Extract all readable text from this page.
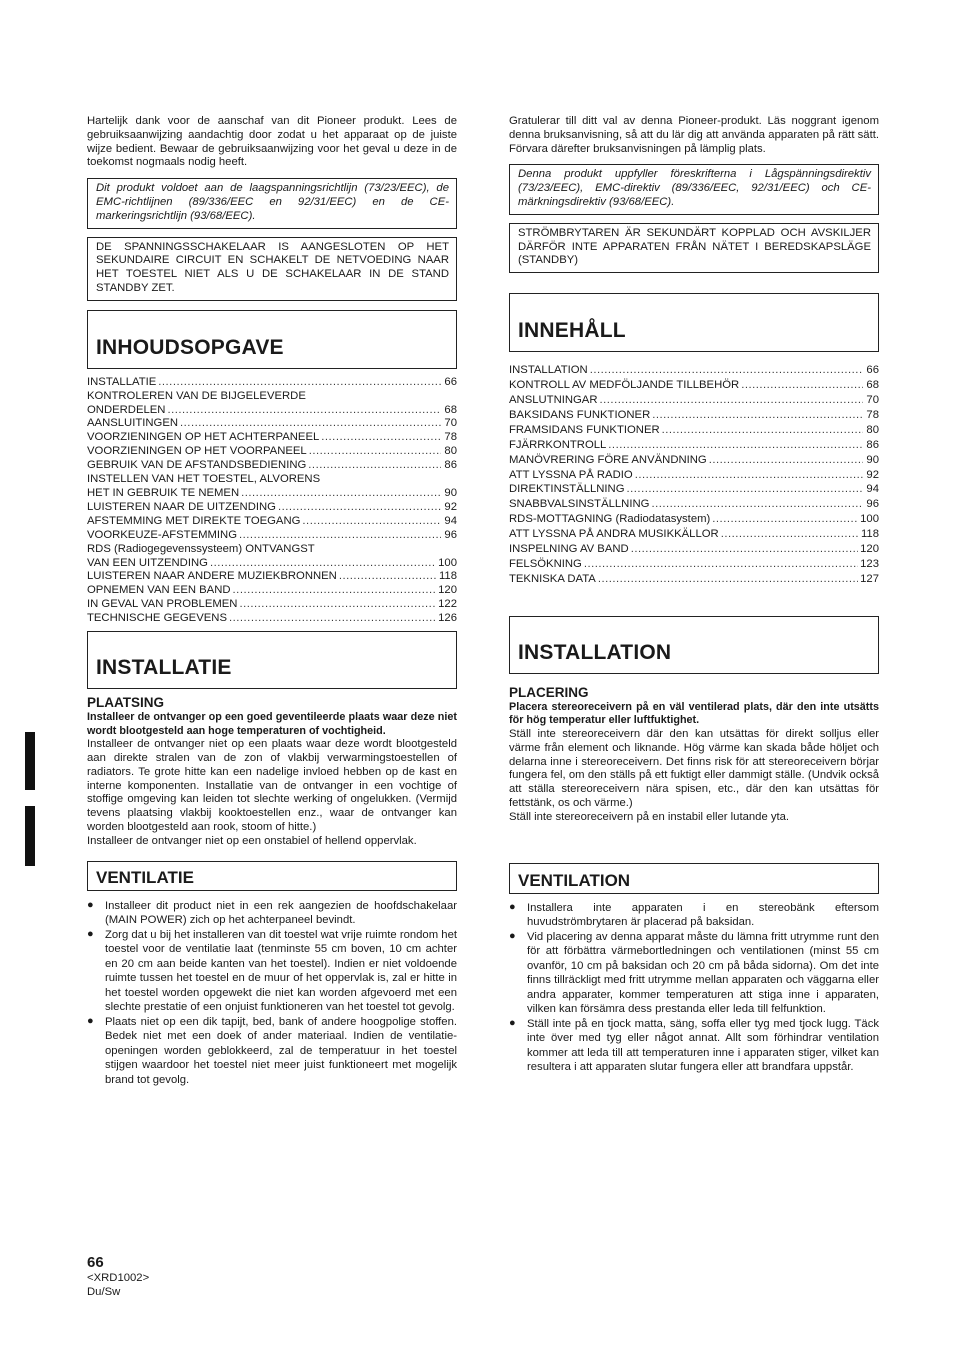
Hartelijk dank voor de aanschaf van dit Pioneer produkt. Lees de gebruiksaanwijzing aandachtig door zodat u het apparaat op de juiste wijze bedient. Bewaar de gebruiksaanwijzing voor het geval u deze in de toekomst nogmaals nodig heeft.

Dit produkt voldoet aan de laagspanningsrichtlijn (73/23/EEC), de EMC-richtlijnen (89/336/EEC en 92/31/EEC) en de CE-markeringsrichtlijn (93/68/EEC).

DE SPANNINGSSCHAKELAAR IS AANGESLOTEN OP HET SEKUNDAIRE CIRCUIT EN SCHAKELT DE NETVOEDING NAAR HET TOESTEL NIET ALS U DE SCHAKELAAR IN DE STAND STANDBY ZET.

INHOUDSOPGAVE
INSTALLATIE .....	66
KONTROLEREN VAN DE BIJGELEVERDE
ONDERDELEN .....	68
AANSLUITINGEN .....	70
VOORZIENINGEN OP HET ACHTERPANEEL .....	78
VOORZIENINGEN OP HET VOORPANEEL .....	80
GEBRUIK VAN DE AFSTANDSBEDIENING .....	86
INSTELLEN VAN HET TOESTEL, ALVORENS
HET IN GEBRUIK TE NEMEN .....	90
LUISTEREN NAAR DE UITZENDING .....	92
AFSTEMMING MET DIREKTE TOEGANG .....	94
VOORKEUZE-AFSTEMMING .....	96
RDS (Radiogegevenssysteem) ONTVANGST
VAN EEN UITZENDING .....	100
LUISTEREN NAAR ANDERE MUZIEKBRONNEN .....	118
OPNEMEN VAN EEN BAND .....	120
IN GEVAL VAN PROBLEMEN .....	122
TECHNISCHE GEGEVENS .....	126
INSTALLATIE
PLAATSING

Installeer de ontvanger op een goed geventileerde plaats waar deze niet wordt blootgesteld aan hoge temperaturen of vochtigheid.

Installeer de ontvanger niet op een plaats waar deze wordt blootgesteld aan direkte stralen van de zon of vlakbij verwarmingstoestellen of radiators. Te grote hitte kan een nadelige invloed hebben op de kast en interne komponenten. Installatie van de ontvanger in een vochtige of stoffige omgeving kan leiden tot slechte werking of ongelukken. (Vermijd tevens plaatsing vlakbij kooktoestellen enz., waar de ontvanger kan worden blootgesteld aan rook, stoom of hitte.)

Installeer de ontvanger niet op een onstabiel of hellend oppervlak.

VENTILATIE
● Installeer dit product niet in een rek aangezien de hoofdschakelaar (MAIN POWER) zich op het achterpaneel bevindt.
● Zorg dat u bij het installeren van dit toestel wat vrije ruimte rondom het toestel voor de ventilatie laat (tenminste 55 cm boven, 10 cm achter en 20 cm aan beide kanten van het toestel). Indien er niet voldoende ruimte tussen het toestel en de muur of het oppervlak is, zal er hitte in het toestel worden opgewekt die niet kan worden afgevoerd met een slechte prestatie of een onjuist funktioneren van het toestel tot gevolg.
● Plaats niet op een dik tapijt, bed, bank of andere hoogpolige stoffen. Bedek niet met een doek of ander materiaal. Indien de ventilatie-openingen worden geblokkeerd, zal de temperatuur in het toestel stijgen waardoor het toestel niet meer juist funktioneert met mogelijk brand tot gevolg.

Gratulerar till ditt val av denna Pioneer-produkt. Läs noggrant igenom denna bruksanvisning, så att du lär dig att använda apparaten på rätt sätt. Förvara därefter bruksanvisningen på lämplig plats.

Denna produkt uppfyller föreskrifterna i Lågspänningsdirektiv (73/23/EEC), EMC-direktiv (89/336/EEC, 92/31/EEC) och CE-märkningsdirektiv (93/68/EEC).

STRÖMBRYTAREN ÄR SEKUNDÄRT KOPPLAD OCH AVSKILJER DÄRFÖR INTE APPARATEN FRÅN NÄTET I BEREDSKAPSLÄGE (STANDBY)

INNEHÅLL
INSTALLATION .....	66
KONTROLL AV MEDFÖLJANDE TILLBEHÖR .....	68
ANSLUTNINGAR .....	70
BAKSIDANS FUNKTIONER .....	78
FRAMSIDANS FUNKTIONER .....	80
FJÄRRKONTROLL .....	86
MANÖVRERING FÖRE ANVÄNDNING .....	90
ATT LYSSNA PÅ RADIO .....	92
DIREKTINSTÄLLNING .....	94
SNABBVALSINSTÄLLNING .....	96
RDS-MOTTAGNING (Radiodatasystem) .....	100
ATT LYSSNA PÅ ANDRA MUSIKKÄLLOR .....	118
INSPELNING AV BAND .....	120
FELSÖKNING .....	123
TEKNISKA DATA .....	127
INSTALLATION
PLACERING

Placera stereoreceivern på en väl ventilerad plats, där den inte utsätts för hög temperatur eller luftfuktighet.

Ställ inte stereoreceivern där den kan utsättas för direkt solljus eller värme från element och liknande. Hög värme kan skada både höljet och delarna inne i stereoreceivern. Det finns risk för att stereoreceivern börjar fungera fel, om den ställs på ett fuktigt eller dammigt ställe. (Undvik också att ställa stereoreceivern nära spisen, etc., där den kan utsättas för fettstänk, os och värme.)

Ställ inte stereoreceivern på en instabil eller lutande yta.

VENTILATION
● Installera inte apparaten i en stereobänk eftersom huvudströmbrytaren är placerad på baksidan.
● Vid placering av denna apparat måste du lämna fritt utrymme runt den för att förbättra värmebortledningen och ventilationen (minst 55 cm ovanför, 10 cm på baksidan och 20 cm på båda sidorna). Om det inte finns tillräckligt med fritt utrymme mellan apparaten och väggarna eller andra apparater, kommer temperaturen att stiga inne i apparaten, vilken kan försämra dess prestanda eller leda till felfunktion.
● Ställ inte på en tjock matta, säng, soffa eller tyg med tjock lugg. Täck inte över med tyg eller något annat. Allt som förhindrar ventilation kommer att leda till att temperaturen inne i apparaten stiger, vilket kan resultera i att apparaten slutar fungera eller att brandfara uppstår.
66
<XRD1002>
Du/Sw
